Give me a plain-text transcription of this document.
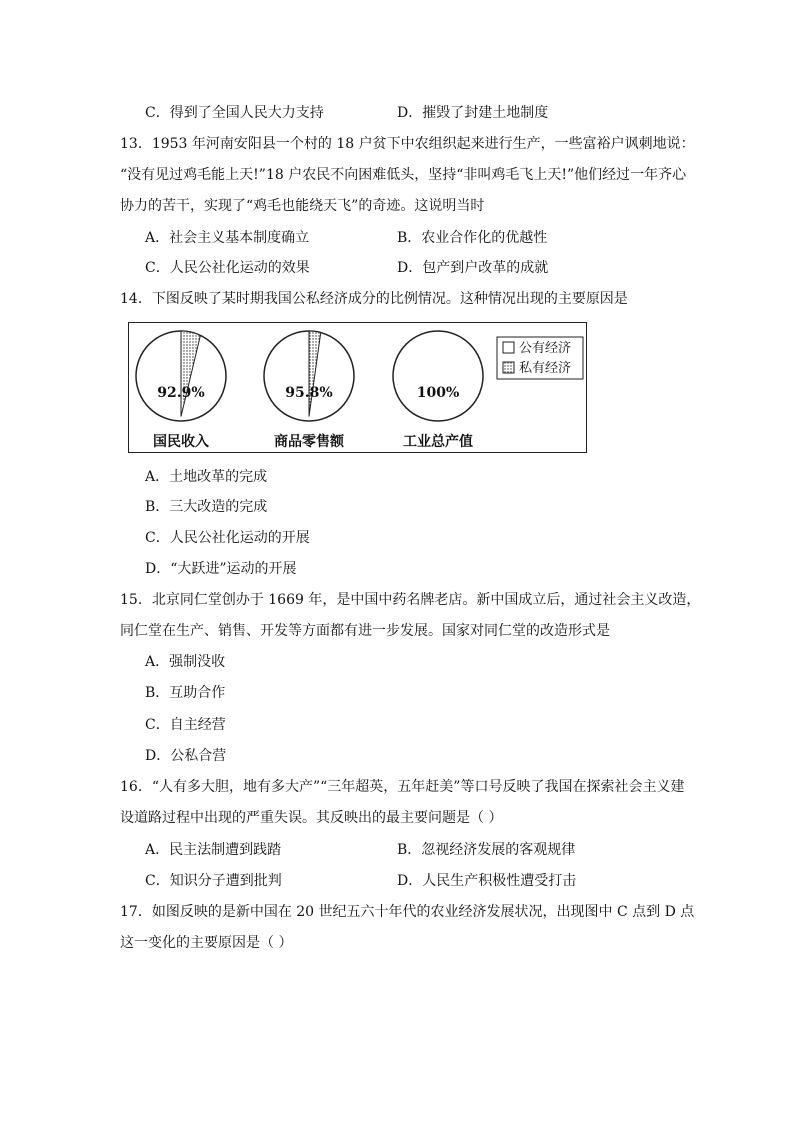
C．得到了全国人民大力支持	D．摧毁了封建土地制度
13．1953 年河南安阳县一个村的 18 户贫下中农组织起来进行生产，一些富裕户讽刺地说：
“没有见过鸡毛能上天!”18 户农民不向困难低头，坚持“非叫鸡毛飞上天!”他们经过一年齐心
协力的苦干，实现了“鸡毛也能绕天飞”的奇迹。这说明当时
A．社会主义基本制度确立	B．农业合作化的优越性
C．人民公社化运动的效果	D．包产到户改革的成就
14．下图反映了某时期我国公私经济成分的比例情况。这种情况出现的主要原因是
92.9%
国民收入
95.8%
商品零售额
100%
工业总产值
公有经济
私有经济
A．土地改革的完成
B．三大改造的完成
C．人民公社化运动的开展
D．“大跃进”运动的开展
15．北京同仁堂创办于 1669 年，是中国中药名牌老店。新中国成立后，通过社会主义改造，
同仁堂在生产、销售、开发等方面都有进一步发展。国家对同仁堂的改造形式是
A．强制没收
B．互助合作
C．自主经营
D．公私合营
16．“人有多大胆，地有多大产”“三年超英，五年赶美”等口号反映了我国在探索社会主义建
设道路过程中出现的严重失误。其反映出的最主要问题是（ ）
A．民主法制遭到践踏	B．忽视经济发展的客观规律
C．知识分子遭到批判	D．人民生产积极性遭受打击
17．如图反映的是新中国在 20 世纪五六十年代的农业经济发展状况，出现图中 C 点到 D 点
这一变化的主要原因是（ ）
